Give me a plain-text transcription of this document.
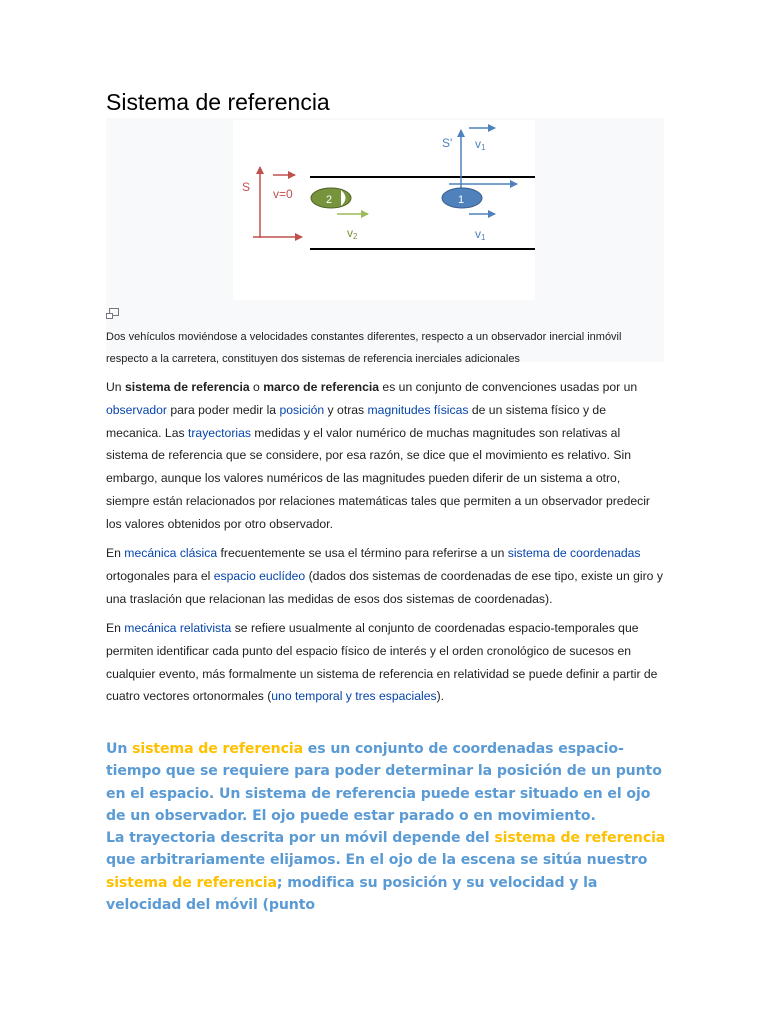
Sistema de referencia
S v=0
S' v1
v1
1
2
v2
Dos vehículos moviéndose a velocidades constantes diferentes, respecto a un observador inercial inmóvil respecto a la carretera, constituyen dos sistemas de referencia inerciales adicionales
Un sistema de referencia o marco de referencia es un conjunto de convenciones usadas por un observador para poder medir la posición y otras magnitudes físicas de un sistema físico y de mecanica. Las trayectorias medidas y el valor numérico de muchas magnitudes son relativas al sistema de referencia que se considere, por esa razón, se dice que el movimiento es relativo. Sin embargo, aunque los valores numéricos de las magnitudes pueden diferir de un sistema a otro, siempre están relacionados por relaciones matemáticas tales que permiten a un observador predecir los valores obtenidos por otro observador.
En mecánica clásica frecuentemente se usa el término para referirse a un sistema de coordenadas ortogonales para el espacio euclídeo (dados dos sistemas de coordenadas de ese tipo, existe un giro y una traslación que relacionan las medidas de esos dos sistemas de coordenadas).
En mecánica relativista se refiere usualmente al conjunto de coordenadas espacio-temporales que permiten identificar cada punto del espacio físico de interés y el orden cronológico de sucesos en cualquier evento, más formalmente un sistema de referencia en relatividad se puede definir a partir de cuatro vectores ortonormales (uno temporal y tres espaciales).
Un sistema de referencia es un conjunto de coordenadas espacio-tiempo que se requiere para poder determinar la posición de un punto en el espacio. Un sistema de referencia puede estar situado en el ojo de un observador. El ojo puede estar parado o en movimiento.
La trayectoria descrita por un móvil depende del sistema de referencia que arbitrariamente elijamos. En el ojo de la escena se sitúa nuestro sistema de referencia; modifica su posición y su velocidad y la velocidad del móvil (punto
